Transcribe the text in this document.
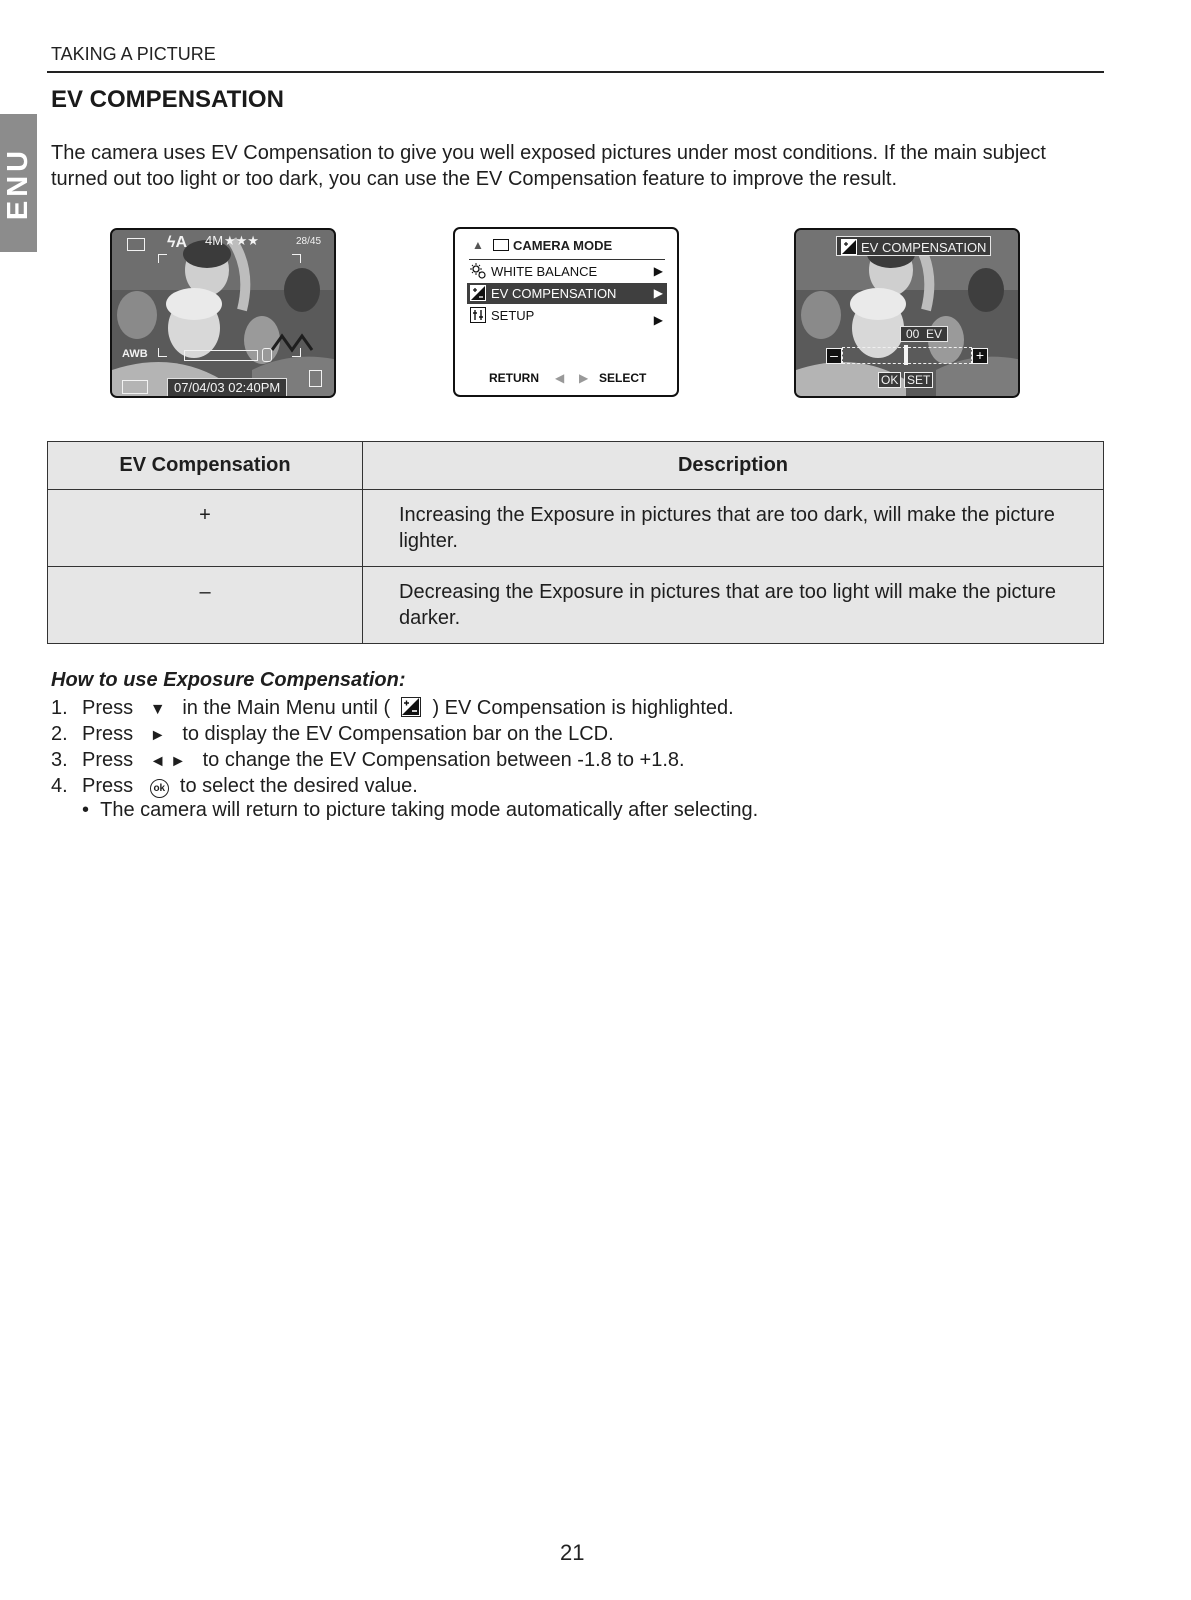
ENU
TAKING A PICTURE
EV COMPENSATION

The camera uses EV Compensation to give you well exposed pictures under most conditions. If the main subject turned out too light or too dark, you can use the EV Compensation feature to improve the result.

ϟA 4M ★★★	28/45
AWB
07/04/03 02:40PM
▲ CAMERA MODE
WHITE BALANCE	▶
EV COMPENSATION	▶
SETUP	▶
RETURN ◀ ▶ SELECT
EV COMPENSATION
00  EV
–	+
OK SET
EV Compensation	Description
+	Increasing the Exposure in pictures that are too dark, will make the picture lighter.
–	Decreasing the Exposure in pictures that are too light will make the picture darker.
How to use Exposure Compensation:
1. Press ▼ in the Main Menu until ( ) EV Compensation is highlighted.
2. Press ► to display the EV Compensation bar on the LCD.
3. Press ◄ ► to change the EV Compensation between -1.8 to +1.8.
4. Press ok to select the desired value.
• The camera will return to picture taking mode automatically after selecting.
21
